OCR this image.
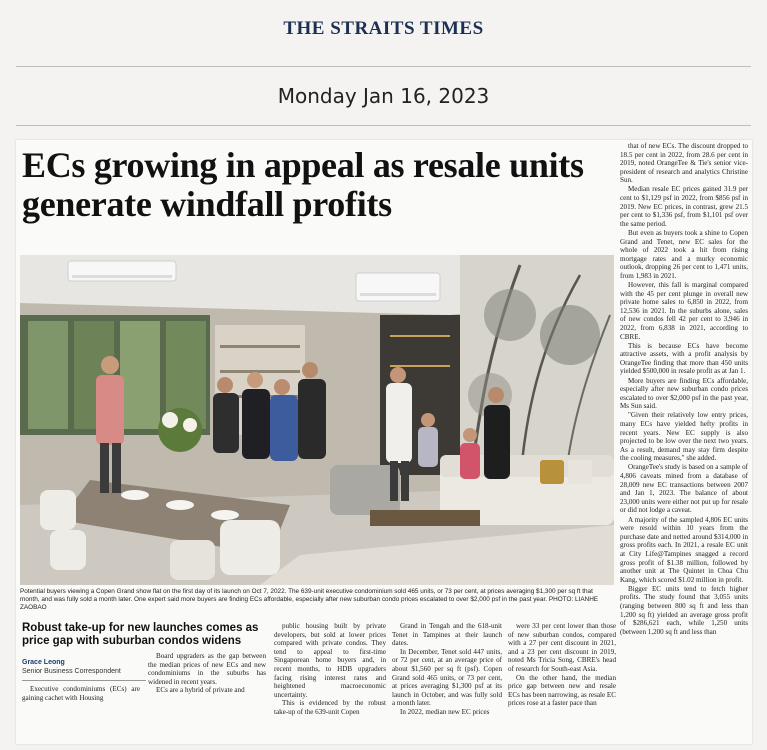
THE STRAITS TIMES
Monday Jan 16, 2023
ECs growing in appeal as resale units generate windfall profits
Potential buyers viewing a Copen Grand show flat on the first day of its launch on Oct 7, 2022. The 639-unit executive condominium sold 465 units, or 73 per cent, at prices averaging $1,300 per sq ft that month, and was fully sold a month later. One expert said more buyers are finding ECs affordable, especially after new suburban condo prices escalated to over $2,000 psf in the past year. PHOTO: LIANHE ZAOBAO

that of new ECs. The discount dropped to 18.5 per cent in 2022, from 28.6 per cent in 2019, noted OrangeTee & Tie's senior vice-president of research and analytics Christine Sun.

Median resale EC prices gained 31.9 per cent to $1,129 psf in 2022, from $856 psf in 2019. New EC prices, in contrast, grew 21.5 per cent to $1,336 psf, from $1,101 psf over the same period.

But even as buyers took a shine to Copen Grand and Tenet, new EC sales for the whole of 2022 took a hit from rising mortgage rates and a murky economic outlook, dropping 26 per cent to 1,471 units, from 1,983 in 2021.

However, this fall is marginal compared with the 45 per cent plunge in overall new private home sales to 6,850 in 2022, from 12,536 in 2021. In the suburbs alone, sales of new condos fell 42 per cent to 3,946 in 2022, from 6,838 in 2021, according to CBRE.

This is because ECs have become attractive assets, with a profit analysis by OrangeTee finding that more than 450 units yielded $500,000 in resale profit as at Jan 1.

More buyers are finding ECs affordable, especially after new suburban condo prices escalated to over $2,000 psf in the past year, Ms Sun said.

"Given their relatively low entry prices, many ECs have yielded hefty profits in recent years. New EC supply is also projected to be low over the next two years. As a result, demand may stay firm despite the cooling measures," she added.

OrangeTee's study is based on a sample of 4,806 caveats mined from a database of 28,009 new EC transactions between 2007 and Jan 1, 2023. The balance of about 23,000 units were either not put up for resale or did not lodge a caveat.

A majority of the sampled 4,806 EC units were resold within 10 years from the purchase date and netted around $314,000 in gross profits each. In 2021, a resale EC unit at City Life@Tampines snagged a record gross profit of $1.38 million, followed by another unit at The Quintet in Choa Chu Kang, which scored $1.02 million in profit.

Bigger EC units tend to fetch higher profits. The study found that 3,055 units (ranging between 800 sq ft and less than 1,200 sq ft) yielded an average gross profit of $286,621 each, while 1,250 units (between 1,200 sq ft and less than

Robust take-up for new launches comes as price gap with suburban condos widens
Grace Leong
Senior Business Correspondent

Executive condominiums (ECs) are gaining cachet with Housing

Board upgraders as the gap between the median prices of new ECs and new condominiums in the suburbs has widened in recent years.

ECs are a hybrid of private and

public housing built by private developers, but sold at lower prices compared with private condos. They tend to appeal to first-time Singaporean home buyers and, in recent months, to HDB upgraders facing rising interest rates and heightened macroeconomic uncertainty.

This is evidenced by the robust take-up of the 639-unit Copen

Grand in Tengah and the 618-unit Tenet in Tampines at their launch dates.

In December, Tenet sold 447 units, or 72 per cent, at an average price of about $1,560 per sq ft (psf). Copen Grand sold 465 units, or 73 per cent, at prices averaging $1,300 psf at its launch in October, and was fully sold a month later.

In 2022, median new EC prices

were 33 per cent lower than those of new suburban condos, compared with a 27 per cent discount in 2021, and a 23 per cent discount in 2019, noted Ms Tricia Song, CBRE's head of research for South-east Asia.

On the other hand, the median price gap between new and resale ECs has been narrowing, as resale EC prices rose at a faster pace than
